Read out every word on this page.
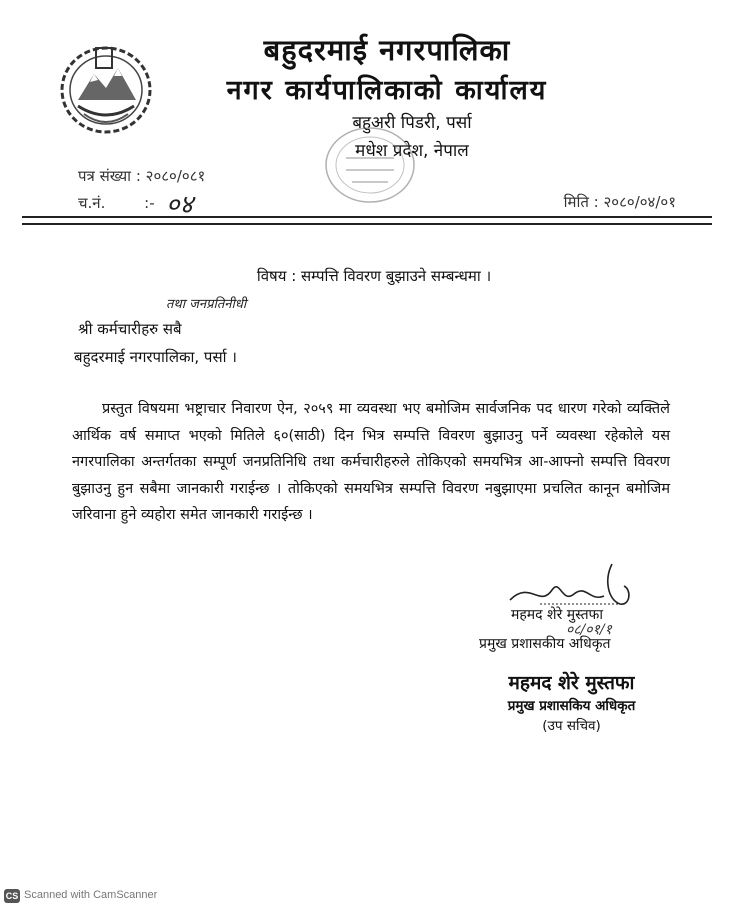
बहुदरमाई नगरपालिका
नगर कार्यपालिकाको कार्यालय
बहुअरी पिडरी, पर्सा
मधेश प्रदेश, नेपाल
पत्र संख्या : २०८०/०८१
च.नं.	:- ०४	मिति : २०८०/०४/०१
विषय : सम्पत्ति विवरण बुझाउने सम्बन्धमा ।
तथा जनप्रतिनीधी
श्री कर्मचारीहरु सबै
बहुदरमाई नगरपालिका, पर्सा ।
प्रस्तुत विषयमा भष्ट्राचार निवारण ऐन, २०५९ मा व्यवस्था भए बमोजिम सार्वजनिक पद धारण गरेको व्यक्तिले आर्थिक वर्ष समाप्त भएको मितिले ६०(साठी) दिन भित्र सम्पत्ति विवरण बुझाउनु पर्ने व्यवस्था रहेकोले यस नगरपालिका अन्तर्गतका सम्पूर्ण जनप्रतिनिधि तथा कर्मचारीहरुले तोकिएको समयभित्र आ-आफ्नो सम्पत्ति विवरण बुझाउनु हुन सबैमा जानकारी गराईन्छ । तोकिएको समयभित्र सम्पत्ति विवरण नबुझाएमा प्रचलित कानून बमोजिम जरिवाना हुने व्यहोरा समेत जानकारी गराईन्छ ।
महमद शेरे मुस्तफा
०८/०१/१
प्रमुख प्रशासकीय अधिकृत
महमद शेरे मुस्तफा
प्रमुख प्रशासकिय अधिकृत
(उप सचिव)
CS Scanned with CamScanner
